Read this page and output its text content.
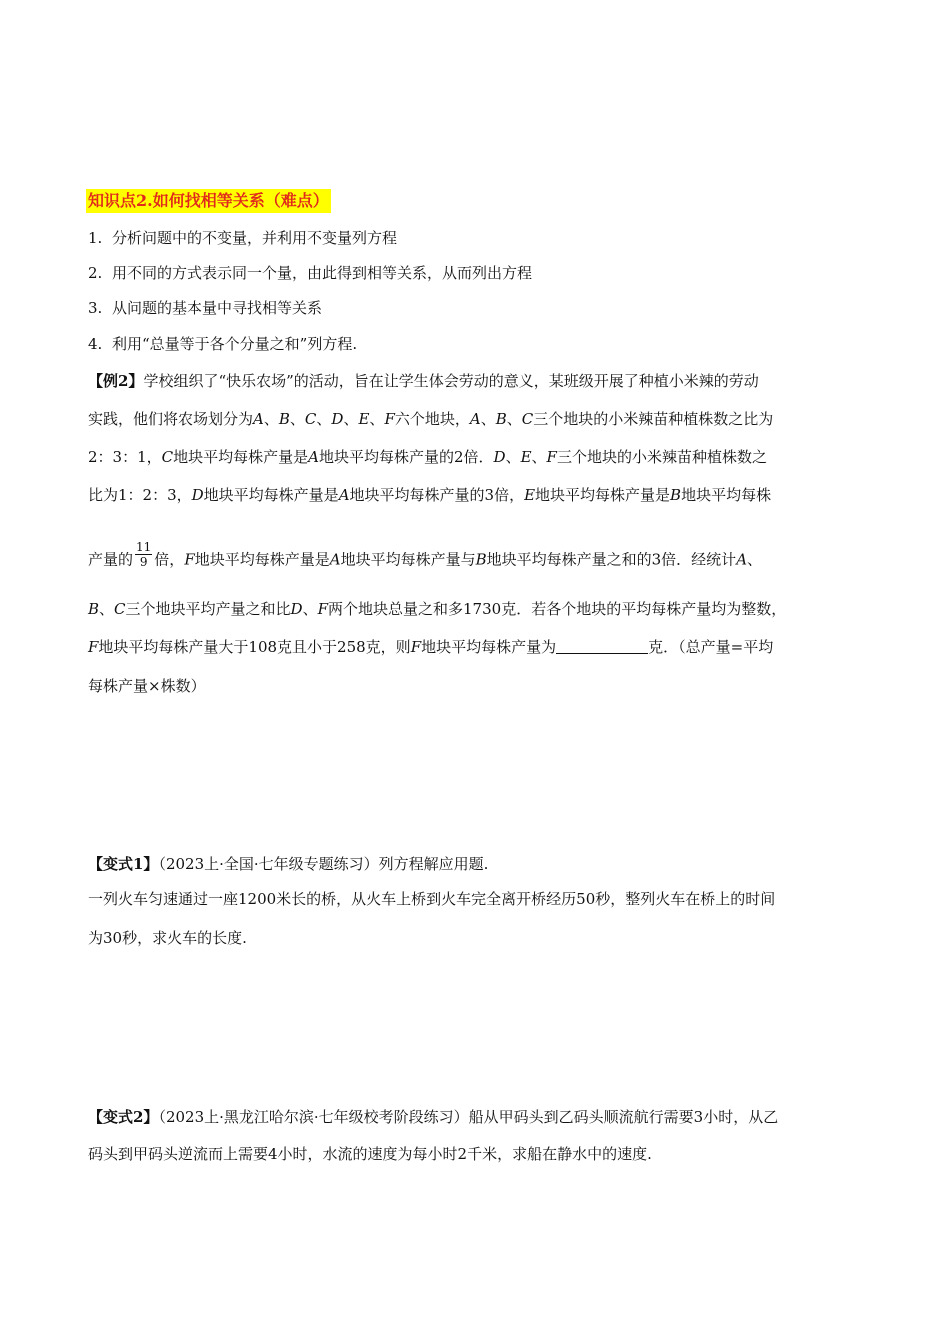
知识点2.如何找相等关系（难点）
1. 分析问题中的不变量，并利用不变量列方程
2. 用不同的方式表示同一个量，由此得到相等关系，从而列出方程
3. 从问题的基本量中寻找相等关系
4. 利用“总量等于各个分量之和”列方程.
【例2】学校组织了“快乐农场”的活动，旨在让学生体会劳动的意义，某班级开展了种植小米辣的劳动
实践，他们将农场划分为A、B、C、D、E、F六个地块，A、B、C三个地块的小米辣苗种植株数之比为
2：3：1，C地块平均每株产量是A地块平均每株产量的2倍．D、E、F三个地块的小米辣苗种植株数之
比为1：2：3，D地块平均每株产量是A地块平均每株产量的3倍，E地块平均每株产量是B地块平均每株
产量的 $\frac{11}{9}$ 倍，F地块平均每株产量是A地块平均每株产量与B地块平均每株产量之和的3倍．经统计A、
B、C三个地块平均产量之和比D、F两个地块总量之和多1730克．若各个地块的平均每株产量均为整数，
F地块平均每株产量大于108克且小于258克，则F地块平均每株产量为	克．（总产量=平均
每株产量×株数）
【变式1】（2023上·全国·七年级专题练习）列方程解应用题.
一列火车匀速通过一座1200米长的桥，从火车上桥到火车完全离开桥经历50秒，整列火车在桥上的时间
为30秒，求火车的长度.
【变式2】（2023上·黑龙江哈尔滨·七年级校考阶段练习）船从甲码头到乙码头顺流航行需要3小时，从乙
码头到甲码头逆流而上需要4小时，水流的速度为每小时2千米，求船在静水中的速度.
